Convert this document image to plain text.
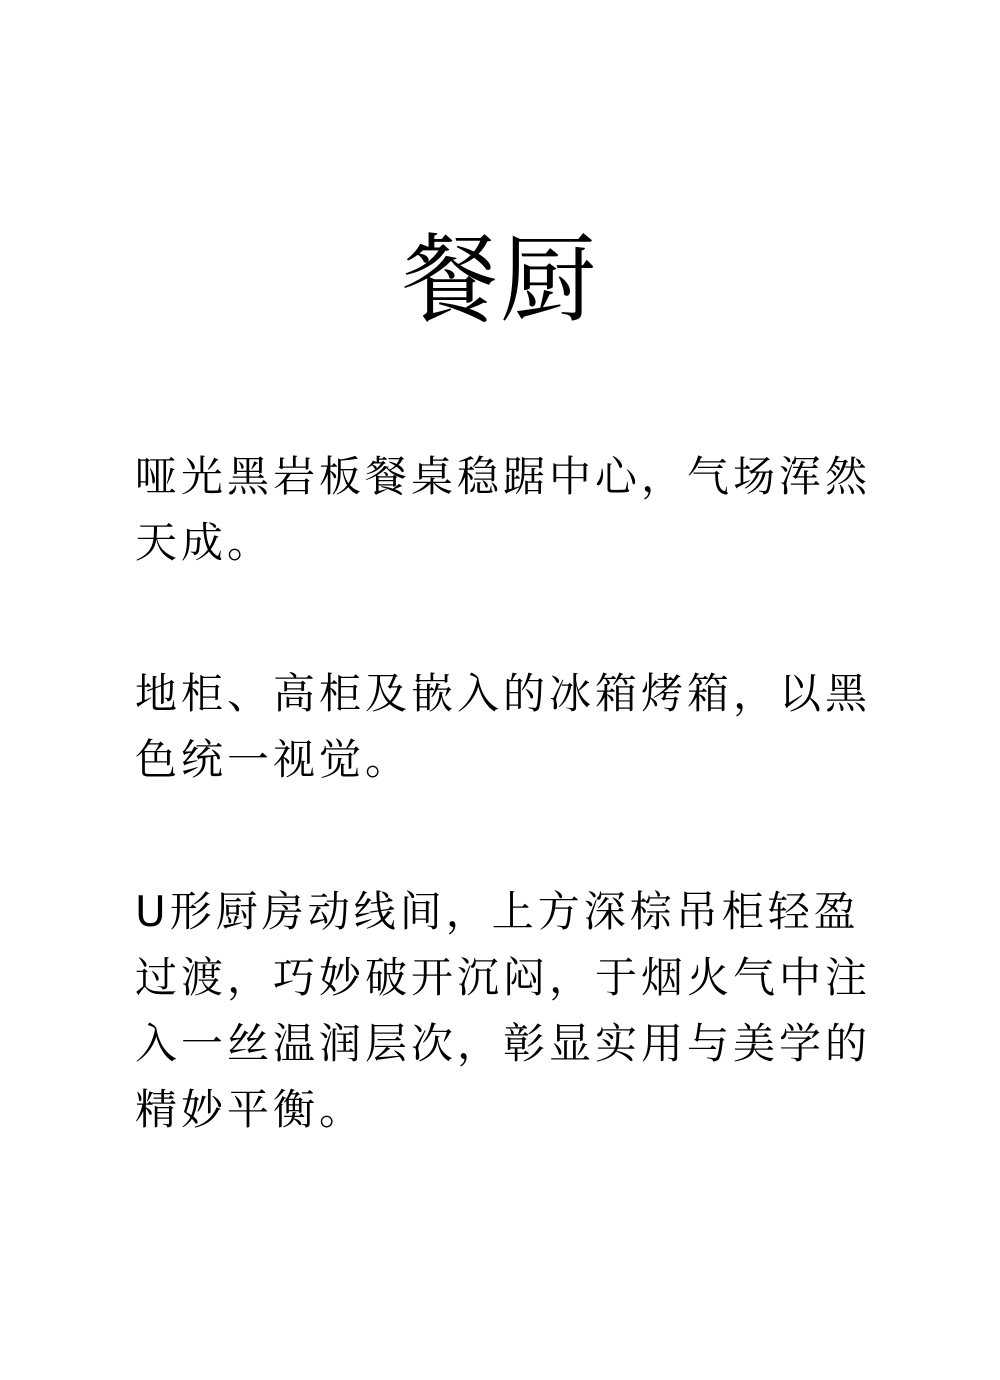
餐厨

哑光黑岩板餐桌稳踞中心，气场浑然天成。

地柜、高柜及嵌入的冰箱烤箱，以黑色统一视觉。

U形厨房动线间，上方深棕吊柜轻盈过渡，巧妙破开沉闷，于烟火气中注入一丝温润层次，彰显实用与美学的精妙平衡。
